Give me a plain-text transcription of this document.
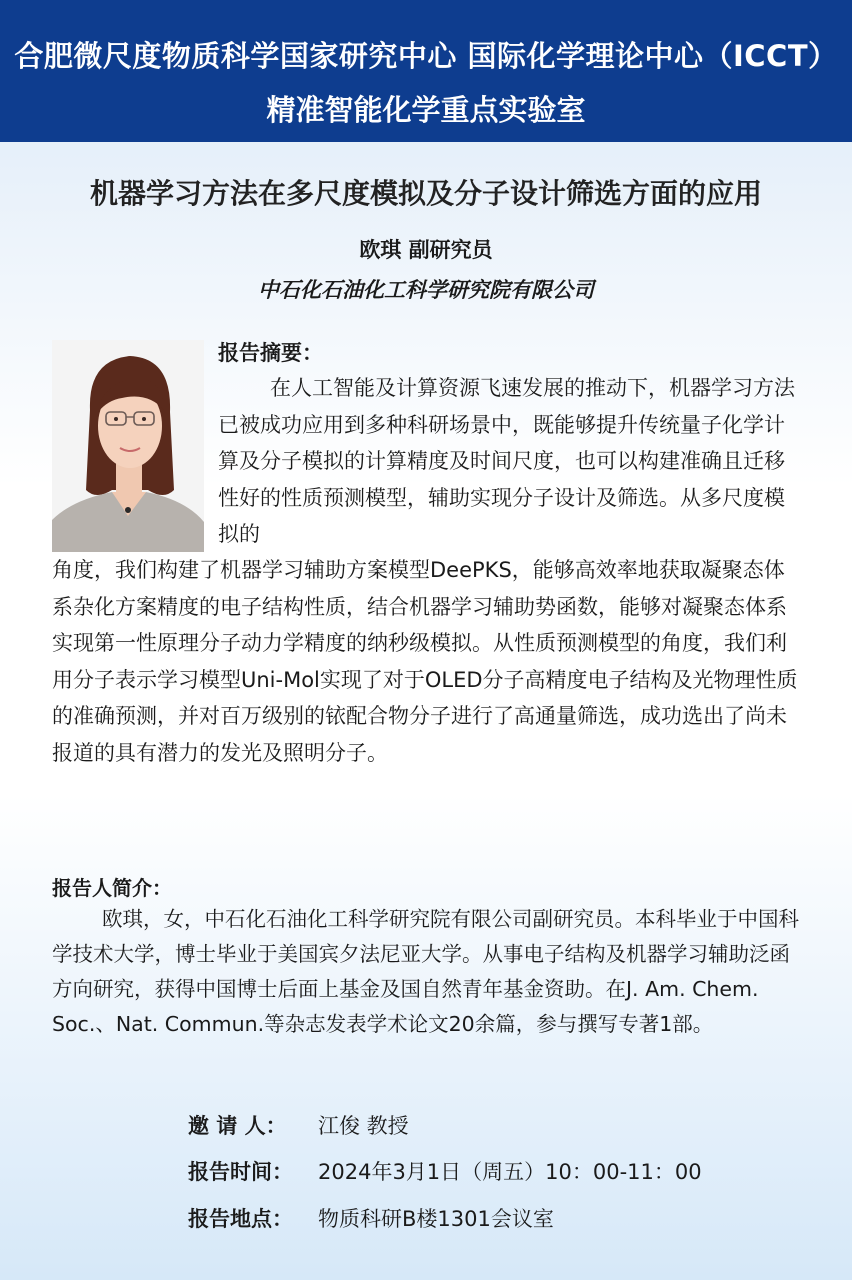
合肥微尺度物质科学国家研究中心 国际化学理论中心（ICCT）
精准智能化学重点实验室
机器学习方法在多尺度模拟及分子设计筛选方面的应用
欧琪 副研究员
中石化石油化工科学研究院有限公司
报告摘要：
在人工智能及计算资源飞速发展的推动下，机器学习方法已被成功应用到多种科研场景中，既能够提升传统量子化学计算及分子模拟的计算精度及时间尺度，也可以构建准确且迁移性好的性质预测模型，辅助实现分子设计及筛选。从多尺度模拟的
角度，我们构建了机器学习辅助方案模型DeePKS，能够高效率地获取凝聚态体系杂化方案精度的电子结构性质，结合机器学习辅助势函数，能够对凝聚态体系实现第一性原理分子动力学精度的纳秒级模拟。从性质预测模型的角度，我们利用分子表示学习模型Uni-Mol实现了对于OLED分子高精度电子结构及光物理性质的准确预测，并对百万级别的铱配合物分子进行了高通量筛选，成功选出了尚未报道的具有潜力的发光及照明分子。
报告人简介：
欧琪，女，中石化石油化工科学研究院有限公司副研究员。本科毕业于中国科学技术大学，博士毕业于美国宾夕法尼亚大学。从事电子结构及机器学习辅助泛函方向研究，获得中国博士后面上基金及国自然青年基金资助。在J. Am. Chem. Soc.、Nat. Commun.等杂志发表学术论文20余篇，参与撰写专著1部。
邀 请 人： 江俊 教授
报告时间： 2024年3月1日（周五）10：00-11：00
报告地点： 物质科研B楼1301会议室
